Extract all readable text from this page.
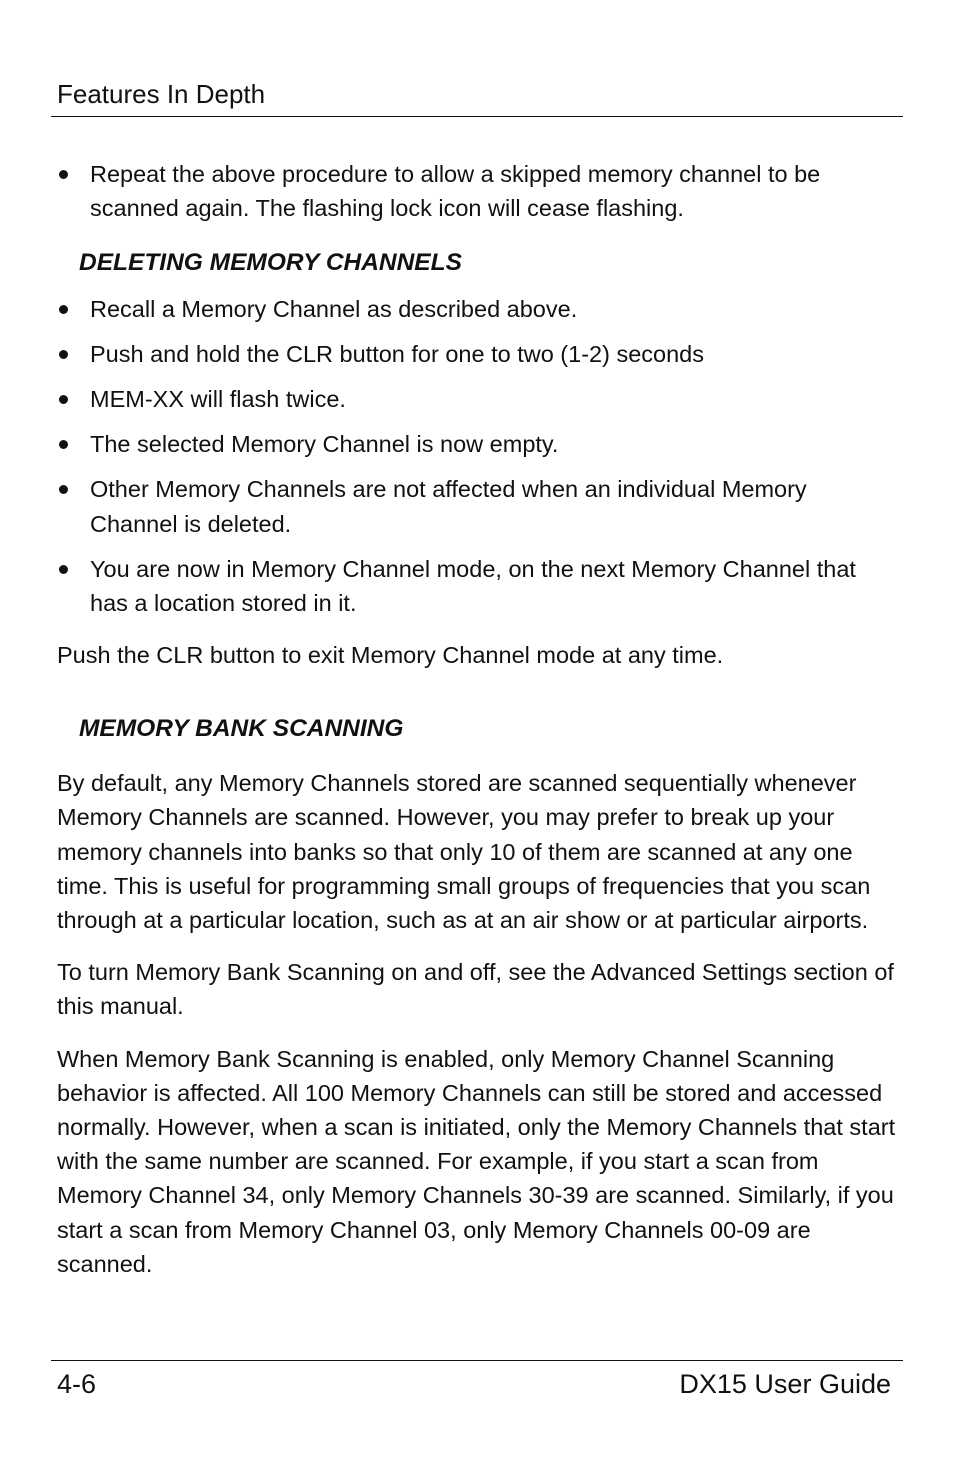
Features In Depth
Repeat the above procedure to allow a skipped memory channel to be scanned again. The flashing lock icon will cease flashing.
DELETING MEMORY CHANNELS
Recall a Memory Channel as described above.
Push and hold the CLR button for one to two (1-2) seconds
MEM-XX will flash twice.
The selected Memory Channel is now empty.
Other Memory Channels are not affected when an individual Memory Channel is deleted.
You are now in Memory Channel mode, on the next Memory Channel that has a location stored in it.

Push the CLR button to exit Memory Channel mode at any time.

MEMORY BANK SCANNING

By default, any Memory Channels stored are scanned sequentially whenever Memory Channels are scanned. However, you may prefer to break up your memory channels into banks so that only 10 of them are scanned at any one time. This is useful for programming small groups of frequencies that you scan through at a particular location, such as at an air show or at particular airports.

To turn Memory Bank Scanning on and off, see the Advanced Settings section of this manual.

When Memory Bank Scanning is enabled, only Memory Channel Scanning behavior is affected. All 100 Memory Channels can still be stored and accessed normally. However, when a scan is initiated, only the Memory Channels that start with the same number are scanned. For example, if you start a scan from Memory Channel 34, only Memory Channels 30-39 are scanned. Similarly, if you start a scan from Memory Channel 03, only Memory Channels 00-09 are scanned.

4-6	DX15 User Guide
